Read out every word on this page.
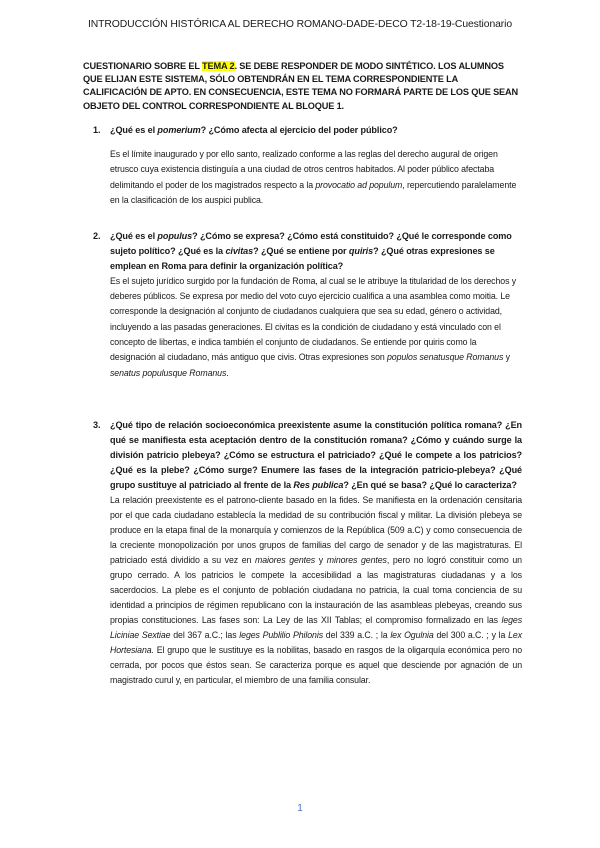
INTRODUCCIÓN HISTÓRICA AL DERECHO ROMANO-DADE-DECO T2-18-19-Cuestionario
CUESTIONARIO SOBRE EL TEMA 2. SE DEBE RESPONDER DE MODO SINTÉTICO. LOS ALUMNOS QUE ELIJAN ESTE SISTEMA, SÓLO OBTENDRÁN EN EL TEMA CORRESPONDIENTE LA CALIFICACIÓN DE APTO. EN CONSECUENCIA, ESTE TEMA NO FORMARÁ PARTE DE LOS QUE SEAN OBJETO DEL CONTROL CORRESPONDIENTE AL BLOQUE 1.
1. ¿Qué es el pomerium? ¿Cómo afecta al ejercicio del poder público?
Es el límite inaugurado y por ello santo, realizado conforme a las reglas del derecho augural de origen etrusco cuya existencia distinguía a una ciudad de otros centros habitados. Al poder público afectaba delimitando el poder de los magistrados respecto a la provocatio ad populum, repercutiendo paralelamente en la clasificación de los auspici publica.
2. ¿Qué es el populus? ¿Cómo se expresa? ¿Cómo está constituido? ¿Qué le corresponde como sujeto político? ¿Qué es la civitas? ¿Qué se entiene por quiris? ¿Qué otras expresiones se emplean en Roma para definir la organización política?
Es el sujeto jurídico surgido por la fundación de Roma, al cual se le atribuye la titularidad de los derechos y deberes públicos. Se expresa por medio del voto cuyo ejercicio cualifica a una asamblea como moitia. Le corresponde la designación al conjunto de ciudadanos cualquiera que sea su edad, género o actividad, incluyendo a las pasadas generaciones. El civitas es la condición de ciudadano y está vinculado con el concepto de libertas, e indica también el conjunto de ciudadanos. Se entiende por quiris como la designación al ciudadano, más antiguo que civis. Otras expresiones son populos senatusque Romanus y senatus populusque Romanus.
3. ¿Qué tipo de relación socioeconómica preexistente asume la constitución política romana? ¿En qué se manifiesta esta aceptación dentro de la constitución romana? ¿Cómo y cuándo surge la división patricio plebeya? ¿Cómo se estructura el patriciado? ¿Qué le compete a los patricios? ¿Qué es la plebe? ¿Cómo surge? Enumere las fases de la integración patricio-plebeya? ¿Qué grupo sustituye al patriciado al frente de la Res publica? ¿En qué se basa? ¿Qué lo caracteriza?
La relación preexistente es el patrono-cliente basado en la fides. Se manifiesta en la ordenación censitaria por el que cada ciudadano establecía la medidad de su contribución fiscal y militar. La división plebeya se produce en la etapa final de la monarquía y comienzos de la República (509 a.C) y como consecuencia de la creciente monopolización por unos grupos de familias del cargo de senador y de las magistraturas. El patriciado está dividido a su vez en maiores gentes y minores gentes, pero no logró constituir como un grupo cerrado. A los patricios le compete la accesibilidad a las magistraturas ciudadanas y a los sacerdocios. La plebe es el conjunto de población ciudadana no patricia, la cual toma conciencia de su identidad a principios de régimen republicano con la instauración de las asambleas plebeyas, creando sus propias constituciones. Las fases son: La Ley de las XII Tablas; el compromiso formalizado en las leges Liciniae Sextiae del 367 a.C.; las leges Publilio Philonis del 339 a.C. ; la lex Ogulnia del 300 a.C. ; y la Lex Hortesiana. El grupo que le sustituye es la nobilitas, basado en rasgos de la oligarquía económica pero no cerrada, por pocos que éstos sean. Se caracteriza porque es aquel que desciende por agnación de un magistrado curul y, en particular, el miembro de una familia consular.
1
